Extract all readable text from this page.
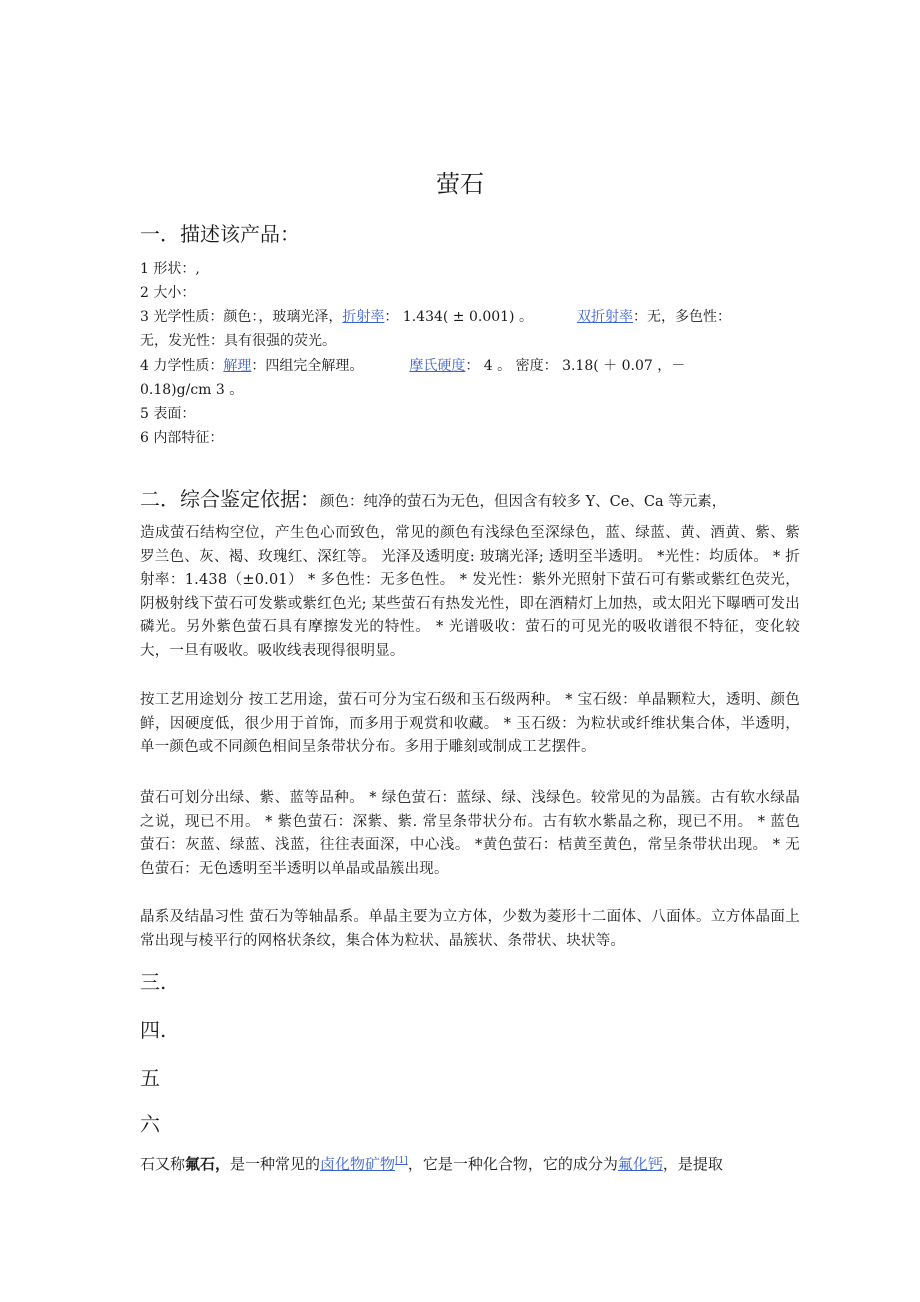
萤石
一．描述该产品：
1 形状：,
2 大小：
3 光学性质：颜色：，玻璃光泽，折射率： 1.434( ± 0.001) 。	双折射率：无，多色性：
无，发光性：具有很强的荧光。
4 力学性质：解理：四组完全解理。	摩氏硬度： 4 。 密度： 3.18( ＋ 0.07 ，－
0.18)g/cm 3 。
5 表面：
6 内部特征：
二．综合鉴定依据：颜色：纯净的萤石为无色，但因含有较多 Y、Ce、Ca 等元素，
造成萤石结构空位，产生色心而致色，常见的颜色有浅绿色至深绿色，蓝、绿蓝、黄、酒黄、紫、紫罗兰色、灰、褐、玫瑰红、深红等。 光泽及透明度: 玻璃光泽; 透明至半透明。 *光性：均质体。 * 折射率：1.438（±0.01） * 多色性：无多色性。 * 发光性：紫外光照射下萤石可有紫或紫红色荧光，阴极射线下萤石可发紫或紫红色光; 某些萤石有热发光性，即在酒精灯上加热，或太阳光下曝晒可发出磷光。另外紫色萤石具有摩擦发光的特性。 * 光谱吸收：萤石的可见光的吸收谱很不特征，变化较大，一旦有吸收。吸收线表现得很明显。
按工艺用途划分 按工艺用途，萤石可分为宝石级和玉石级两种。 * 宝石级：单晶颗粒大，透明、颜色鲜，因硬度低，很少用于首饰，而多用于观赏和收藏。 * 玉石级：为粒状或纤维状集合体，半透明，单一颜色或不同颜色相间呈条带状分布。多用于雕刻或制成工艺摆件。
萤石可划分出绿、紫、蓝等品种。 * 绿色萤石：蓝绿、绿、浅绿色。较常见的为晶簇。古有软水绿晶之说，现已不用。 * 紫色萤石：深紫、紫. 常呈条带状分布。古有软水紫晶之称，现已不用。 * 蓝色萤石：灰蓝、绿蓝、浅蓝，往往表面深，中心浅。 *黄色萤石：桔黄至黄色，常呈条带状出现。 * 无色萤石：无色透明至半透明以单晶或晶簇出现。
晶系及结晶习性 萤石为等轴晶系。单晶主要为立方体，少数为菱形十二面体、八面体。立方体晶面上常出现与棱平行的网格状条纹，集合体为粒状、晶簇状、条带状、块状等。
三.
四.
五
六
石又称氟石，是一种常见的卤化物矿物[1]，它是一种化合物，它的成分为氟化钙，是提取
